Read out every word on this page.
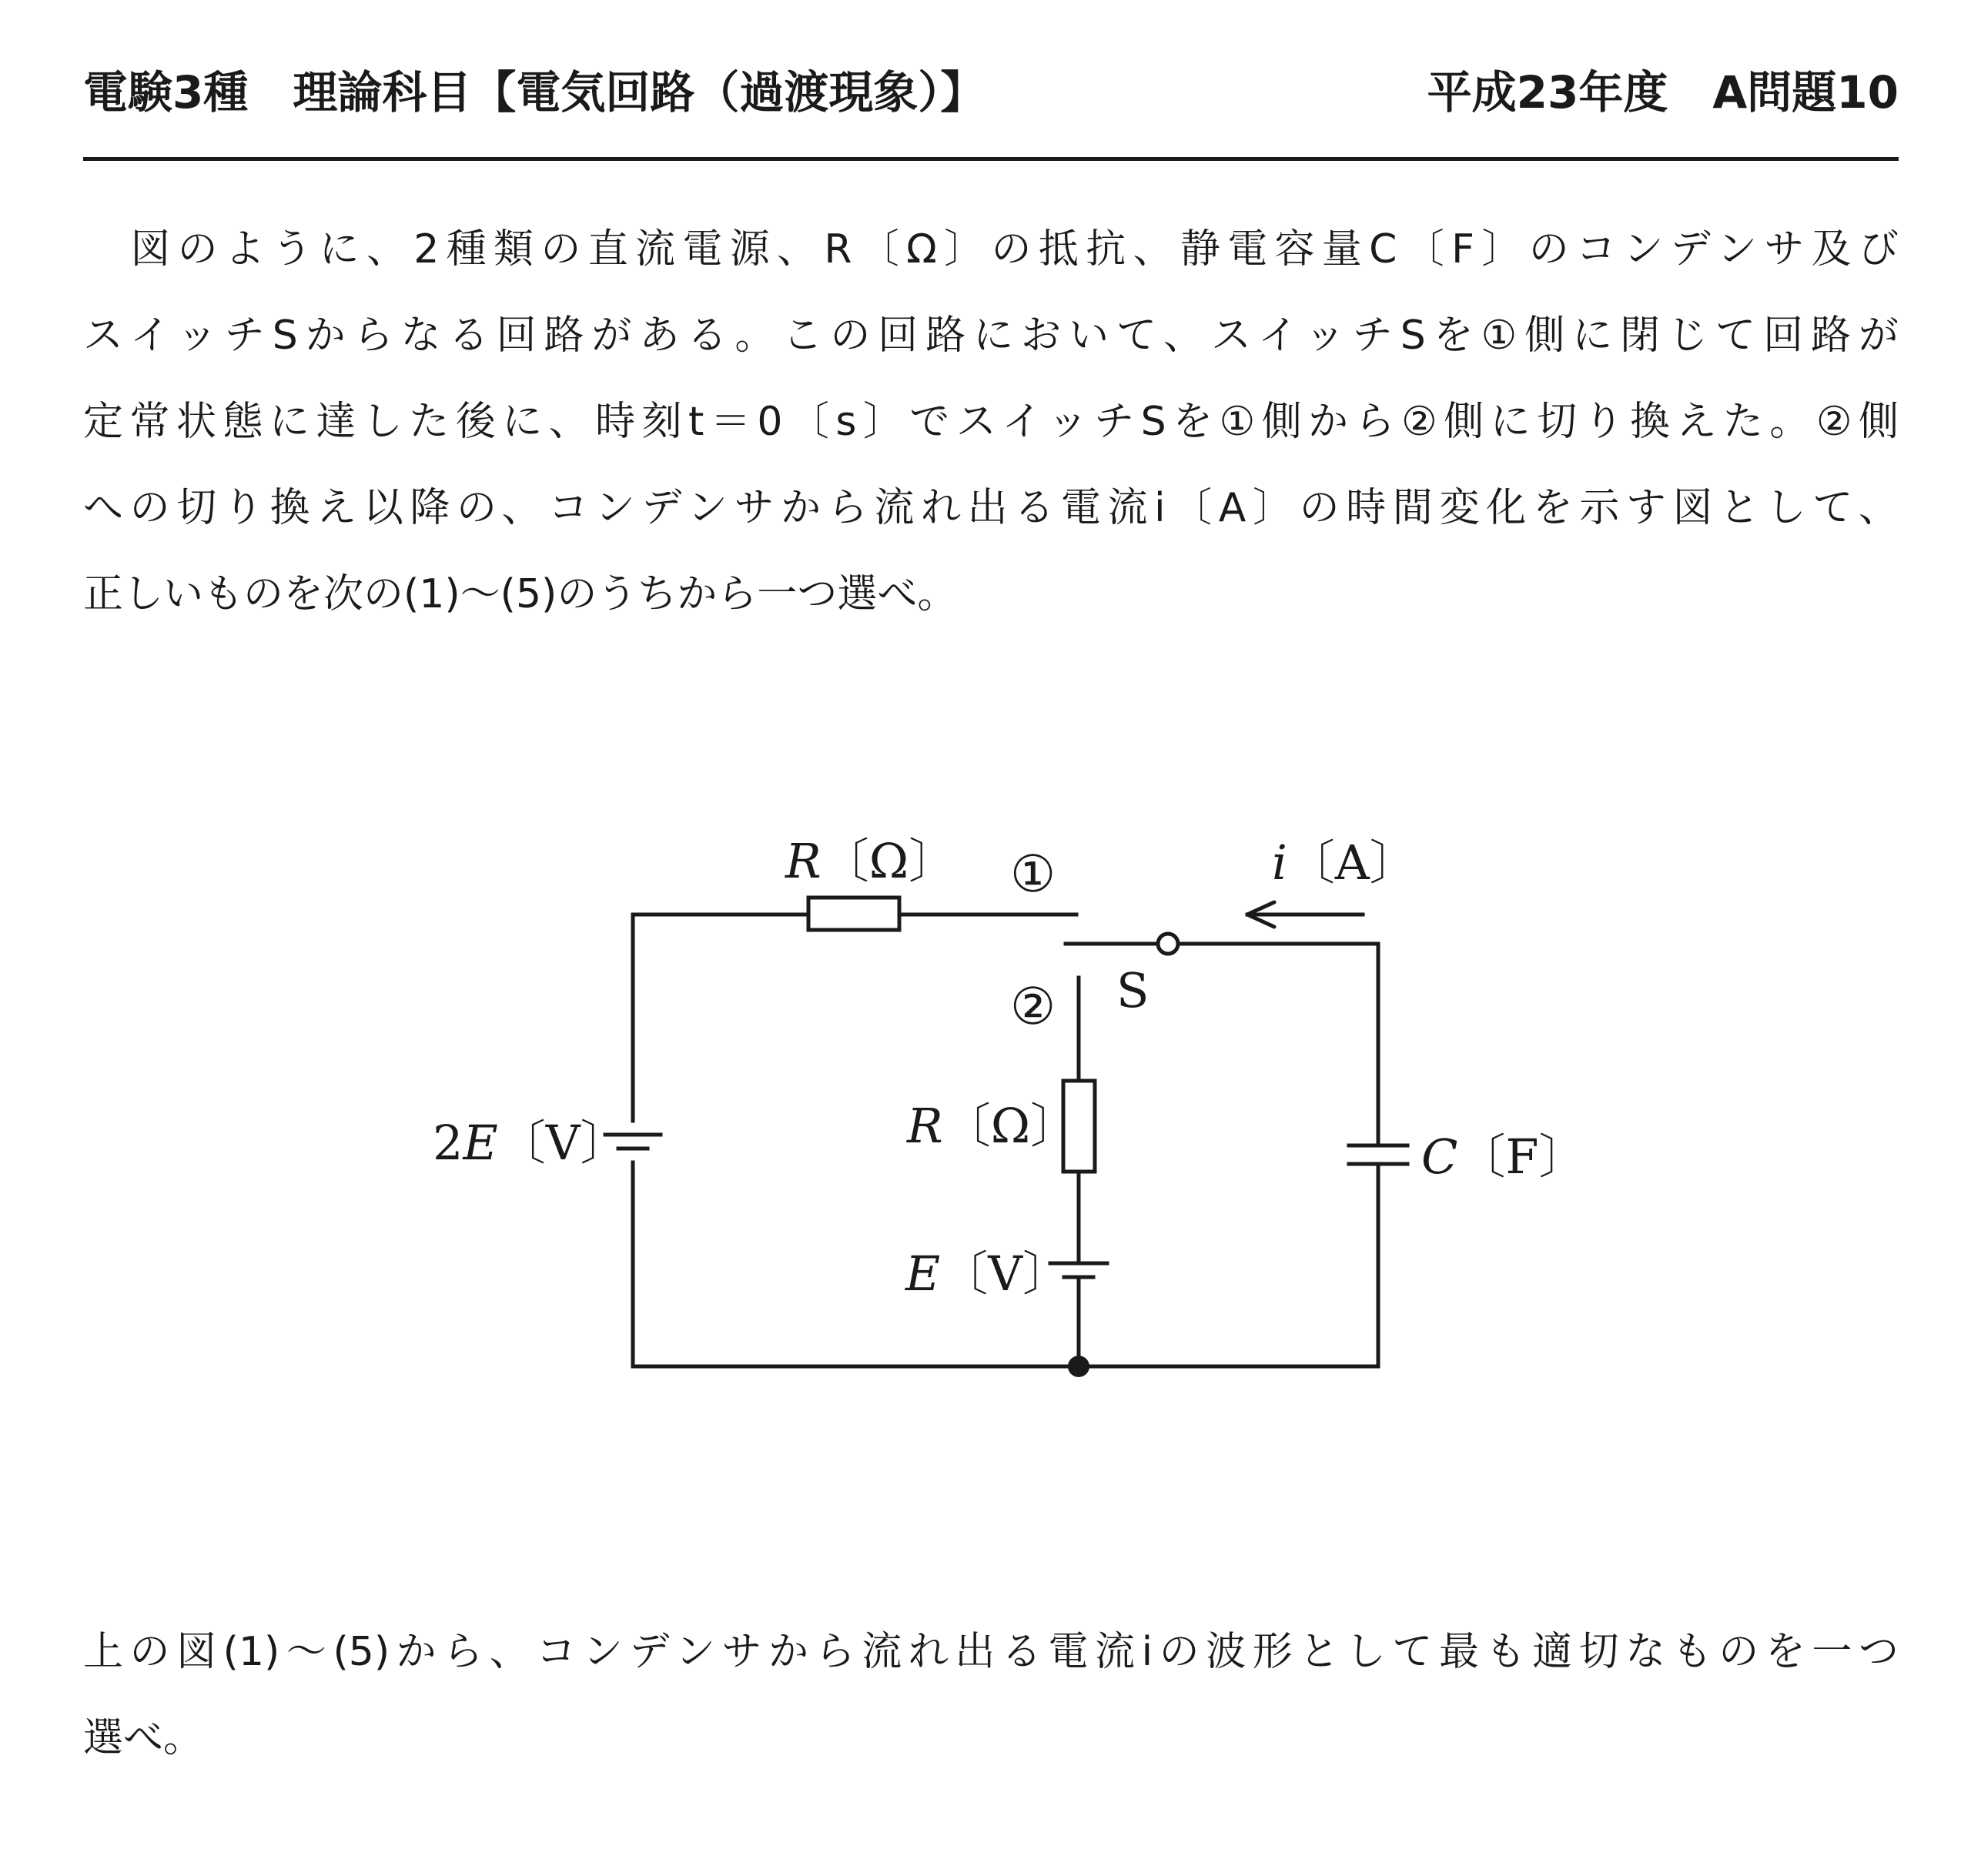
電験3種　理論科目【電気回路（過渡現象）】	平成23年度　A問題10
　図のように、2種類の直流電源、R〔Ω〕の抵抗、静電容量C〔F〕のコンデンサ及び
スイッチSからなる回路がある。この回路において、スイッチSを①側に閉じて回路が
定常状態に達した後に、時刻t＝0〔s〕でスイッチSを①側から②側に切り換えた。②側
への切り換え以降の、コンデンサから流れ出る電流i〔A〕の時間変化を示す図として、
正しいものを次の(1)～(5)のうちから一つ選べ。
R〔Ω〕 ①	i〔A〕
② S
2E〔V〕	R〔Ω〕
C〔F〕
E〔V〕
上の図(1)～(5)から、コンデンサから流れ出る電流iの波形として最も適切なものを一つ
選べ。
